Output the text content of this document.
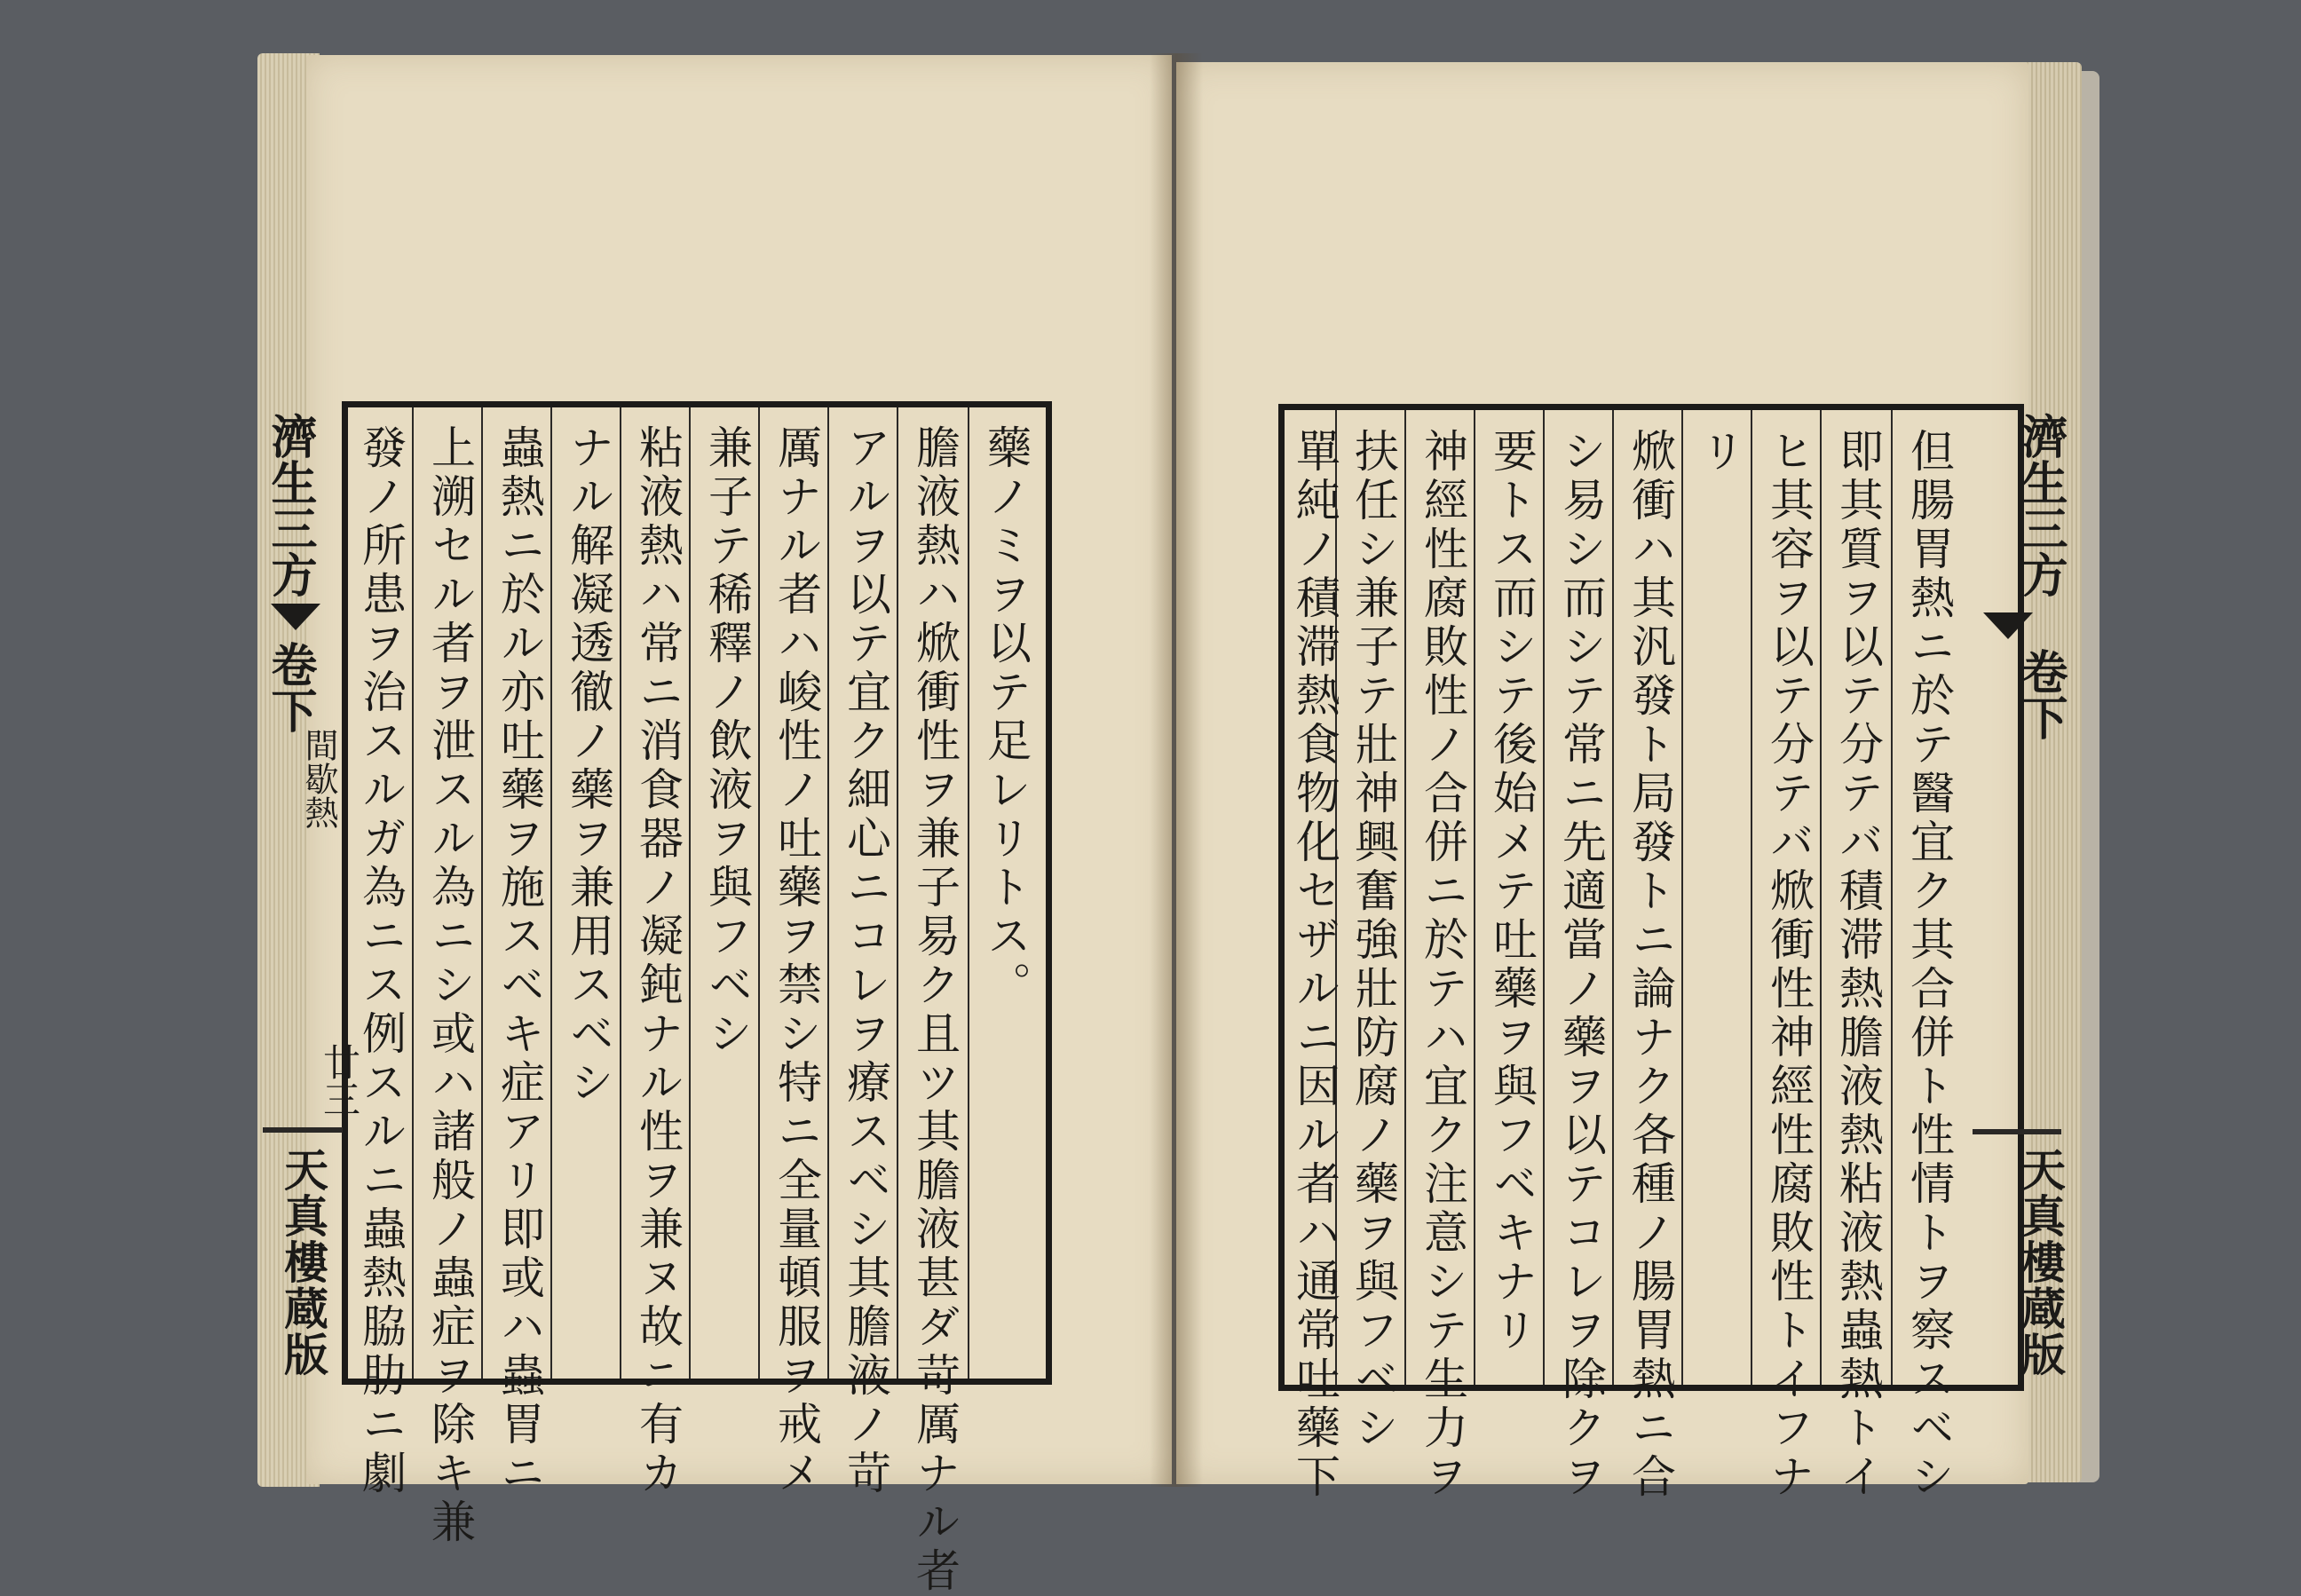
藥ノミヲ以テ足レリトス。
膽液熱ハ焮衝性ヲ兼子易ク且ツ其膽液甚ダ苛厲ナル者
アルヲ以テ宜ク細心ニコレヲ療スベシ其膽液ノ苛
厲ナル者ハ峻性ノ吐藥ヲ禁シ特ニ全量頓服ヲ戒メ
兼子テ稀釋ノ飲液ヲ與フベシ
粘液熱ハ常ニ消食器ノ凝鈍ナル性ヲ兼ヌ故ニ有カ
ナル解凝透徹ノ藥ヲ兼用スベシ
蟲熱ニ於ル亦吐藥ヲ施スベキ症アリ即或ハ蟲胃ニ
上溯セル者ヲ泄スル為ニシ或ハ諸般ノ蟲症ヲ除キ兼
發ノ所患ヲ治スルガ為ニス例スルニ蟲熱脇肋ニ劇
濟生三方
卷下
間歇熱
廿三
天真樓蔵版	但腸胃熱ニ於テ醫宜ク其合併ト性情トヲ察スベシ
即其質ヲ以テ分テバ積滞熱膽液熱粘液熱蟲熱トイ
ヒ其容ヲ以テ分テバ焮衝性神經性腐敗性トイフナ
リ
焮衝ハ其汎發ト局發トニ論ナク各種ノ腸胃熱ニ合
シ易シ而シテ常ニ先適當ノ藥ヲ以テコレヲ除クヲ
要トス而シテ後始メテ吐藥ヲ與フベキナリ
神經性腐敗性ノ合併ニ於テハ宜ク注意シテ生力ヲ
扶任シ兼子テ壯神興奮強壯防腐ノ藥ヲ與フベシ
單純ノ積滞熱食物化セザルニ因ル者ハ通常吐藥下	濟生三方
卷下
天真樓蔵版
